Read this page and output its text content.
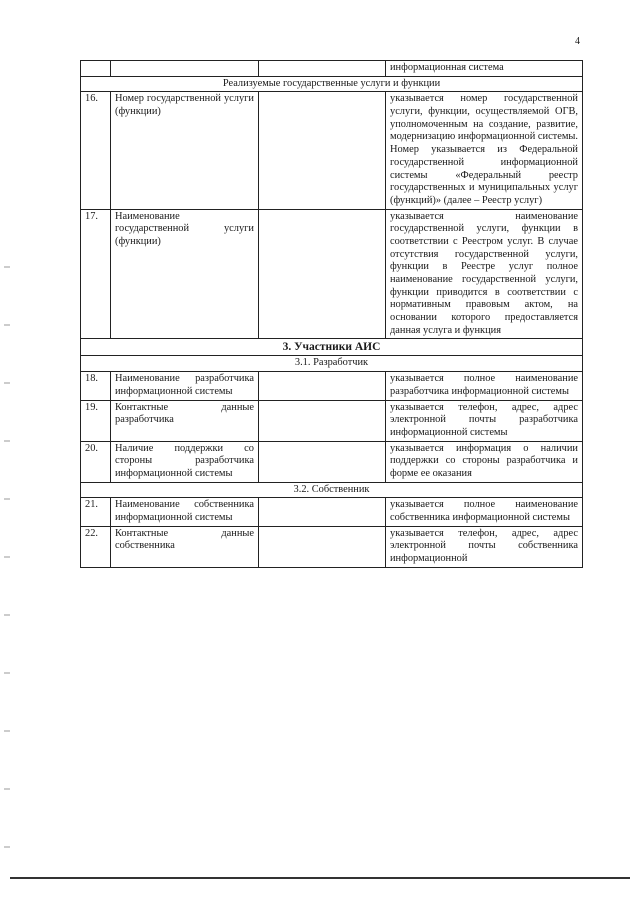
4
			информационная система
Реализуемые государственные услуги и функции			
16.	Номер государственной услуги (функции)		указывается номер государственной услуги, функции, осуществляемой ОГВ, уполномоченным на создание, развитие, модернизацию информационной системы. Номер указывается из Федеральной государственной информационной системы «Федеральный реестр государственных и муниципальных услуг (функций)» (далее – Реестр услуг)
17.	Наименование государственной услуги (функции)		указывается наименование государственной услуги, функции в соответствии с Реестром услуг. В случае отсутствия государственной услуги, функции в Реестре услуг полное наименование государственной услуги, функции приводится в соответствии с нормативным правовым актом, на основании которого предоставляется данная услуга и функция
3. Участники АИС			
3.1. Разработчик			
18.	Наименование разработчика информационной системы		указывается полное наименование разработчика информационной системы
19.	Контактные данные разработчика		указывается телефон, адрес, адрес электронной почты разработчика информационной системы
20.	Наличие поддержки со стороны разработчика информационной системы		указывается информация о наличии поддержки со стороны разработчика и форме ее оказания
3.2. Собственник			
21.	Наименование собственника информационной системы		указывается полное наименование собственника информационной системы
22.	Контактные данные собственника		указывается телефон, адрес, адрес электронной почты собственника информационной
